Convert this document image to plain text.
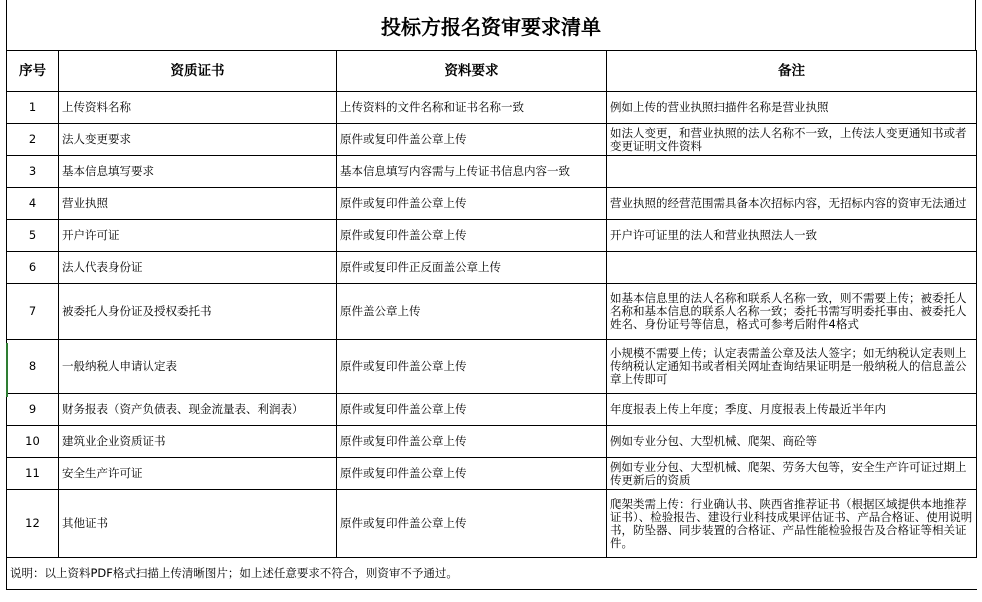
投标方报名资审要求清单
序号	资质证书	资料要求	备注
1	上传资料名称	上传资料的文件名称和证书名称一致	例如上传的营业执照扫描件名称是营业执照
2	法人变更要求	原件或复印件盖公章上传	如法人变更，和营业执照的法人名称不一致，上传法人变更通知书或者变更证明文件资料
3	基本信息填写要求	基本信息填写内容需与上传证书信息内容一致	
4	营业执照	原件或复印件盖公章上传	营业执照的经营范围需具备本次招标内容，无招标内容的资审无法通过
5	开户许可证	原件或复印件盖公章上传	开户许可证里的法人和营业执照法人一致
6	法人代表身份证	原件或复印件正反面盖公章上传	
7	被委托人身份证及授权委托书	原件盖公章上传	如基本信息里的法人名称和联系人名称一致，则不需要上传；被委托人名称和基本信息的联系人名称一致；委托书需写明委托事由、被委托人姓名、身份证号等信息，格式可参考后附件4格式
8	一般纳税人申请认定表	原件或复印件盖公章上传	小规模不需要上传；认定表需盖公章及法人签字；如无纳税认定表则上传纳税认定通知书或者相关网址查询结果证明是一般纳税人的信息盖公章上传即可
9	财务报表（资产负债表、现金流量表、利润表）	原件或复印件盖公章上传	年度报表上传上年度；季度、月度报表上传最近半年内
10	建筑业企业资质证书	原件或复印件盖公章上传	例如专业分包、大型机械、爬架、商砼等
11	安全生产许可证	原件或复印件盖公章上传	例如专业分包、大型机械、爬架、劳务大包等，安全生产许可证过期上传更新后的资质
12	其他证书	原件或复印件盖公章上传	爬架类需上传：行业确认书、陕西省推荐证书（根据区域提供本地推荐证书）、检验报告、建设行业科技成果评估证书、产品合格证、使用说明书，防坠器、同步装置的合格证、产品性能检验报告及合格证等相关证件。
说明：以上资料PDF格式扫描上传清晰图片；如上述任意要求不符合，则资审不予通过。			
